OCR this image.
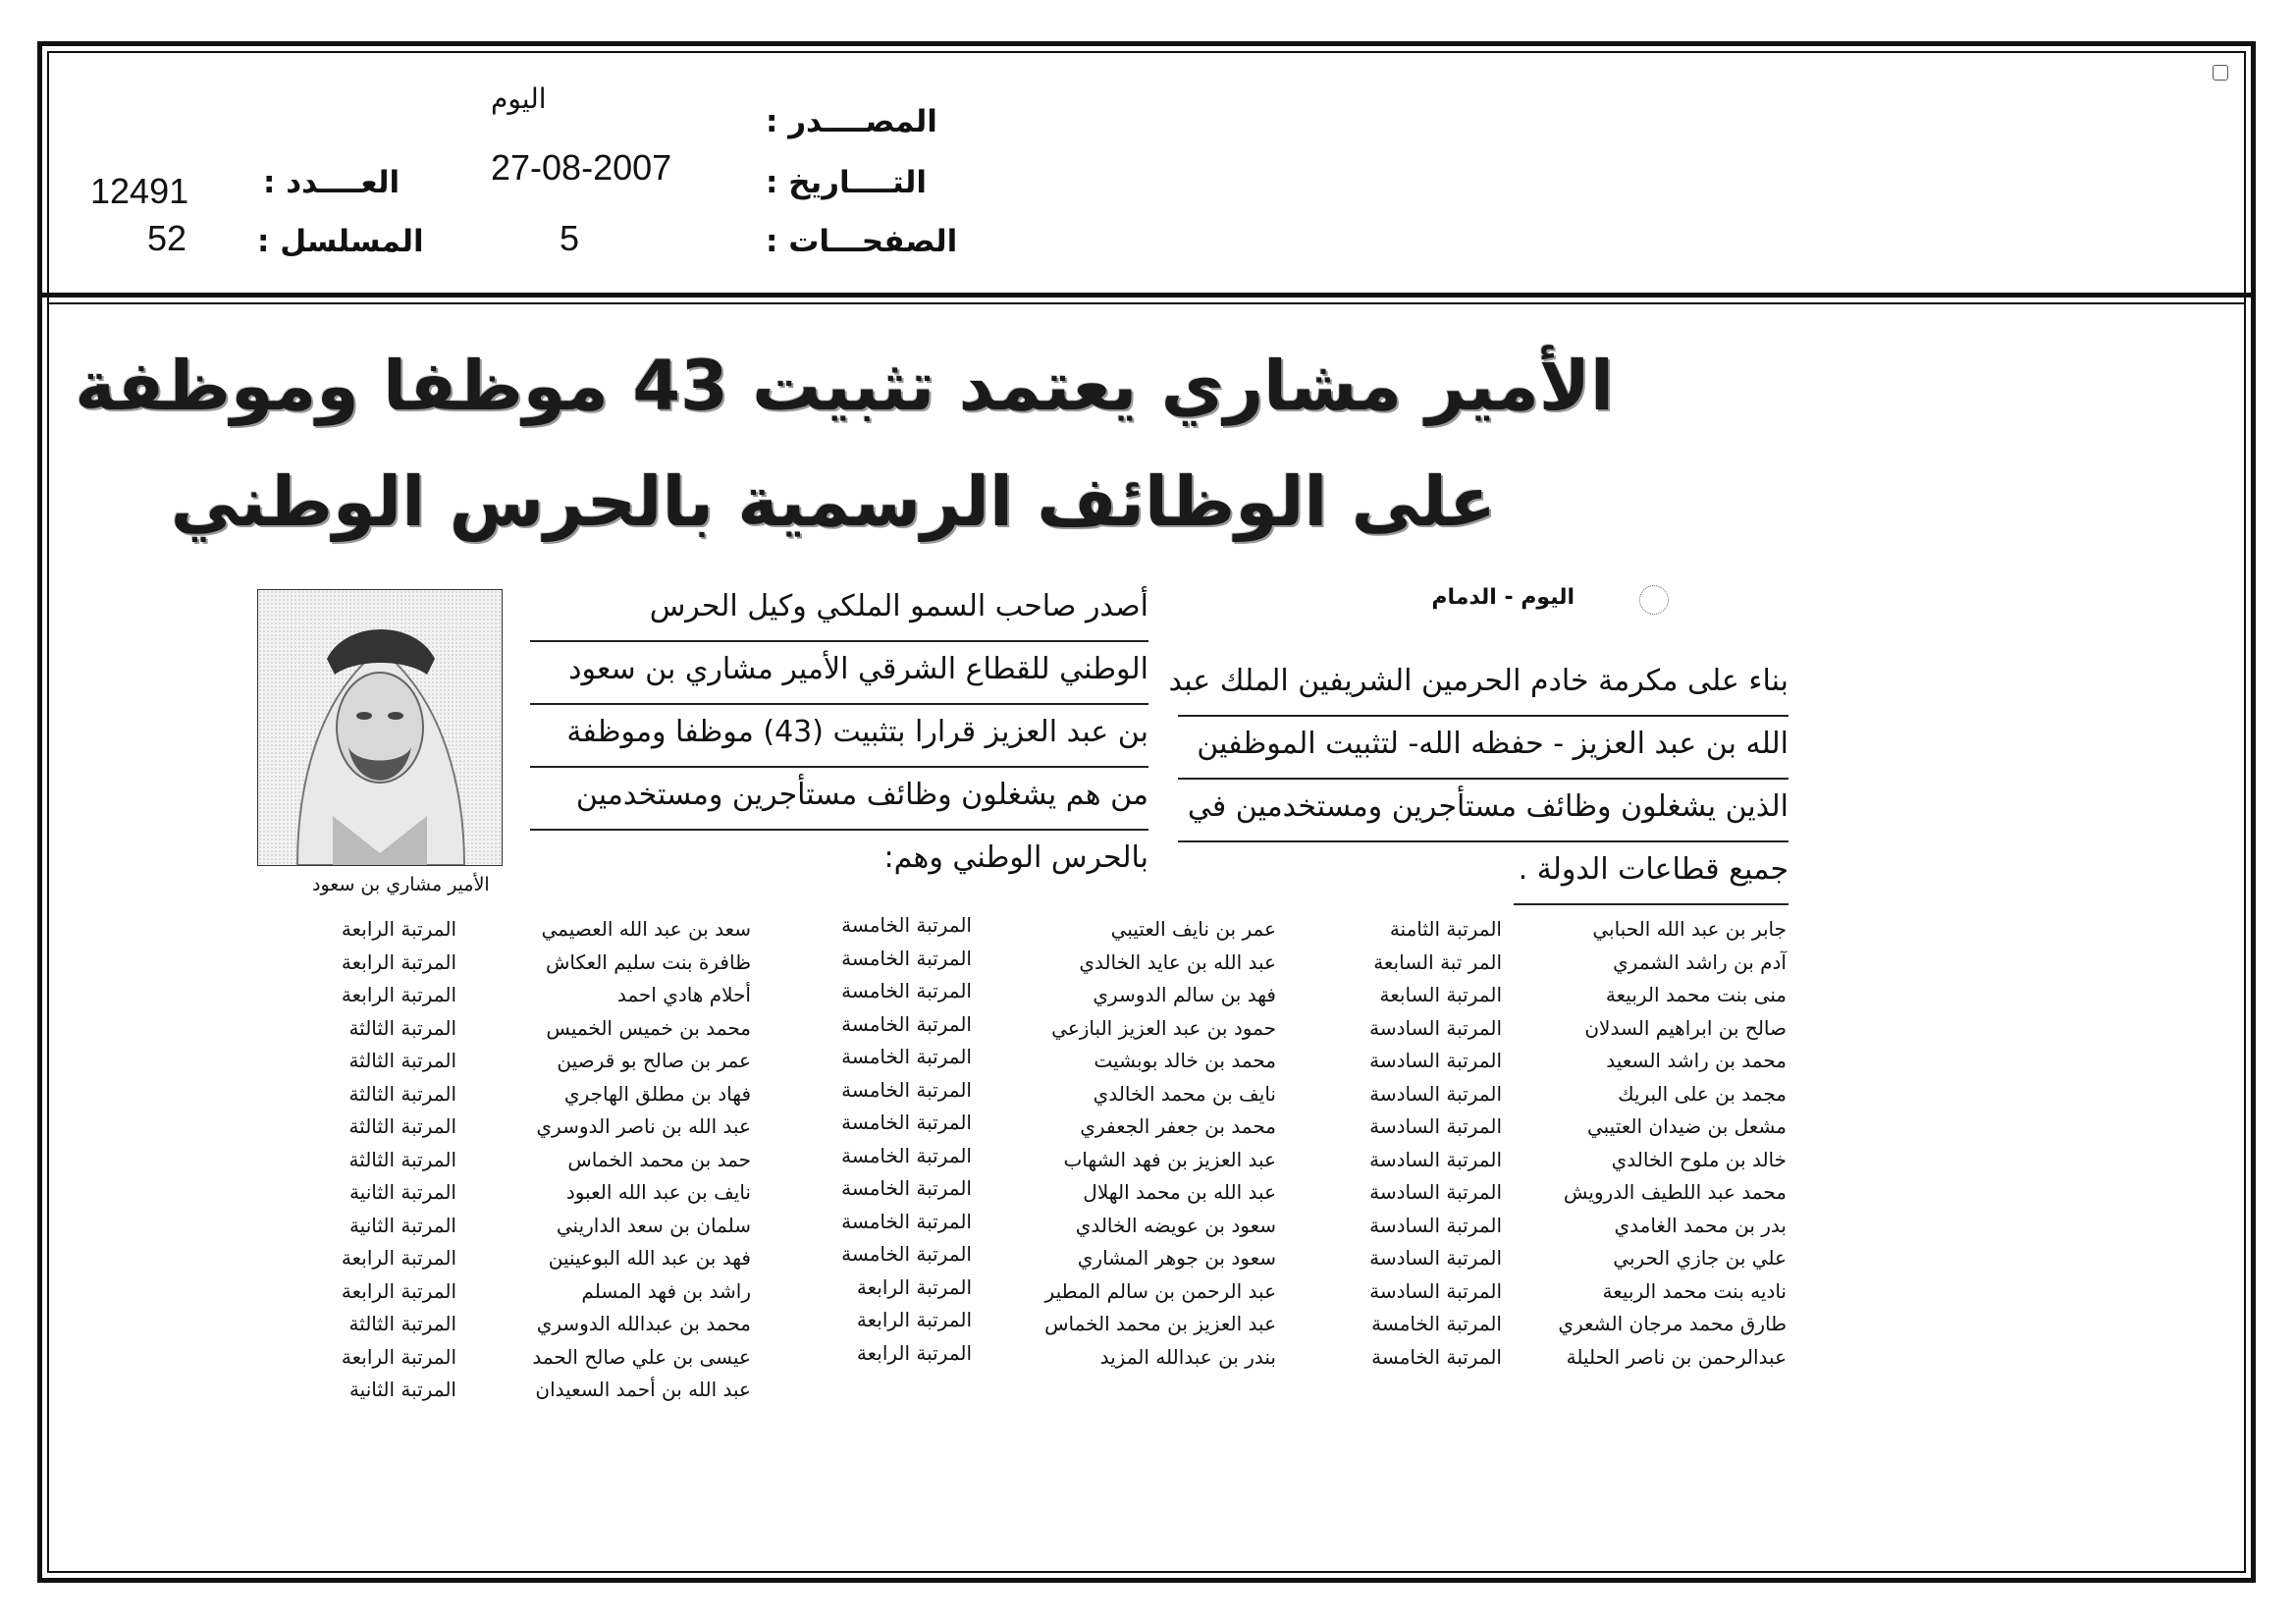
المصــــدر :
اليوم
التــــاريخ :
27-08-2007
الصفحـــات :
5
العــــدد :
12491
المسلسل :
52
الأمير مشاري يعتمد تثبيت 43 موظفا وموظفة
على الوظائف الرسمية بالحرس الوطني
اليوم - الدمام
بناء على مكرمة خادم الحرمين الشريفين الملك عبد
الله بن عبد العزيز - حفظه الله- لتثبيت الموظفين
الذين يشغلون وظائف مستأجرين ومستخدمين في
جميع قطاعات الدولة .
أصدر صاحب السمو الملكي وكيل الحرس
الوطني للقطاع الشرقي الأمير مشاري بن سعود
بن عبد العزيز قرارا بتثبيت (43) موظفا وموظفة
من هم يشغلون وظائف مستأجرين ومستخدمين
بالحرس الوطني وهم:
الأمير مشاري بن سعود
جابر بن عبد الله الحبابي
آدم بن راشد الشمري
منى بنت محمد الربيعة
صالح بن ابراهيم السدلان
محمد بن راشد السعيد
مجمد بن على البريك
مشعل بن ضيدان العتيبي
خالد بن ملوح الخالدي
محمد عبد اللطيف الدرويش
بدر بن محمد الغامدي
علي بن جازي الحربي
ناديه بنت محمد الربيعة
طارق محمد مرجان الشعري
عبدالرحمن بن ناصر الحليلة
المرتبة الثامنة
المر تبة السابعة
المرتبة السابعة
المرتبة السادسة
المرتبة السادسة
المرتبة السادسة
المرتبة السادسة
المرتبة السادسة
المرتبة السادسة
المرتبة السادسة
المرتبة السادسة
المرتبة السادسة
المرتبة الخامسة
المرتبة الخامسة
عمر بن نايف العتيبي
عبد الله بن عايد الخالدي
فهد بن سالم الدوسري
حمود بن عبد العزيز البازعي
محمد بن خالد بوبشيت
نايف بن محمد الخالدي
محمد بن جعفر الجعفري
عبد العزيز بن فهد الشهاب
عبد الله بن محمد الهلال
سعود بن عويضه الخالدي
سعود بن جوهر المشاري
عبد الرحمن بن سالم المطير
عبد العزيز بن محمد الخماس
بندر بن عبدالله المزيد
المرتبة الخامسة
المرتبة الخامسة
المرتبة الخامسة
المرتبة الخامسة
المرتبة الخامسة
المرتبة الخامسة
المرتبة الخامسة
المرتبة الخامسة
المرتبة الخامسة
المرتبة الخامسة
المرتبة الخامسة
المرتبة الرابعة
المرتبة الرابعة
المرتبة الرابعة
سعد بن عبد الله العصيمي
ظافرة بنت سليم العكاش
أحلام هادي احمد
محمد بن خميس الخميس
عمر بن صالح بو قرصين
فهاد بن مطلق الهاجري
عبد الله بن ناصر الدوسري
حمد بن محمد الخماس
نايف بن عبد الله العبود
سلمان بن سعد الداريني
فهد بن عبد الله البوعينين
راشد بن فهد المسلم
محمد بن عبدالله الدوسري
عيسى بن علي صالح الحمد
عبد الله بن أحمد السعيدان
المرتبة الرابعة
المرتبة الرابعة
المرتبة الرابعة
المرتبة الثالثة
المرتبة الثالثة
المرتبة الثالثة
المرتبة الثالثة
المرتبة الثالثة
المرتبة الثانية
المرتبة الثانية
المرتبة الرابعة
المرتبة الرابعة
المرتبة الثالثة
المرتبة الرابعة
المرتبة الثانية
